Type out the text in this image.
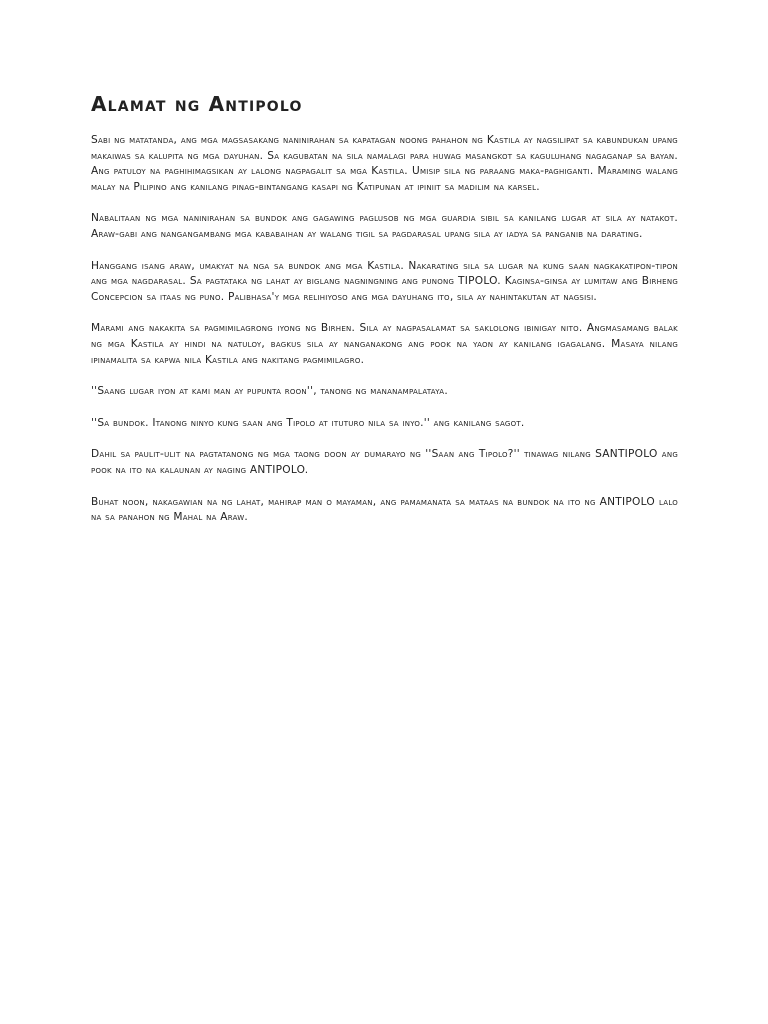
Alamat ng Antipolo

Sabi ng matatanda, ang mga magsasakang naninirahan sa kapatagan noong pahahon ng Kastila ay nagsilipat sa kabundukan upang makaiwas sa kalupita ng mga dayuhan. Sa kagubatan na sila namalagi para huwag masangkot sa kaguluhang nagaganap sa bayan. Ang patuloy na paghihimagsikan ay lalong nagpagalit sa mga Kastila. Umisip sila ng paraang maka-paghiganti. Maraming walang malay na Pilipino ang kanilang pinag-bintangang kasapi ng Katipunan at ipiniit sa madilim na karsel.

Nabalitaan ng mga naninirahan sa bundok ang gagawing paglusob ng mga guardia sibil sa kanilang lugar at sila ay natakot. Araw-gabi ang nangangambang mga kababaihan ay walang tigil sa pagdarasal upang sila ay iadya sa panganib na darating.

Hanggang isang araw, umakyat na nga sa bundok ang mga Kastila. Nakarating sila sa lugar na kung saan nagkakatipon-tipon ang mga nagdarasal. Sa pagtataka ng lahat ay biglang nagningning ang punong TIPOLO. Kaginsa-ginsa ay lumitaw ang Birheng Concepcion sa itaas ng puno. Palibhasa'y mga relihiyoso ang mga dayuhang ito, sila ay nahintakutan at nagsisi.

Marami ang nakakita sa pagmimilagrong iyong ng Birhen. Sila ay nagpasalamat sa saklolong ibinigay nito. Angmasamang balak ng mga Kastila ay hindi na natuloy, bagkus sila ay nanganakong ang pook na yaon ay kanilang igagalang. Masaya nilang ipinamalita sa kapwa nila Kastila ang nakitang pagmimilagro.

''Saang lugar iyon at kami man ay pupunta roon'', tanong ng mananampalataya.

''Sa bundok. Itanong ninyo kung saan ang Tipolo at ituturo nila sa inyo.'' ang kanilang sagot.

Dahil sa paulit-ulit na pagtatanong ng mga taong doon ay dumarayo ng ''Saan ang Tipolo?'' tinawag nilang SANTIPOLO ang pook na ito na kalaunan ay naging ANTIPOLO.

Buhat noon, nakagawian na ng lahat, mahirap man o mayaman, ang pamamanata sa mataas na bundok na ito ng ANTIPOLO lalo na sa panahon ng Mahal na Araw.
